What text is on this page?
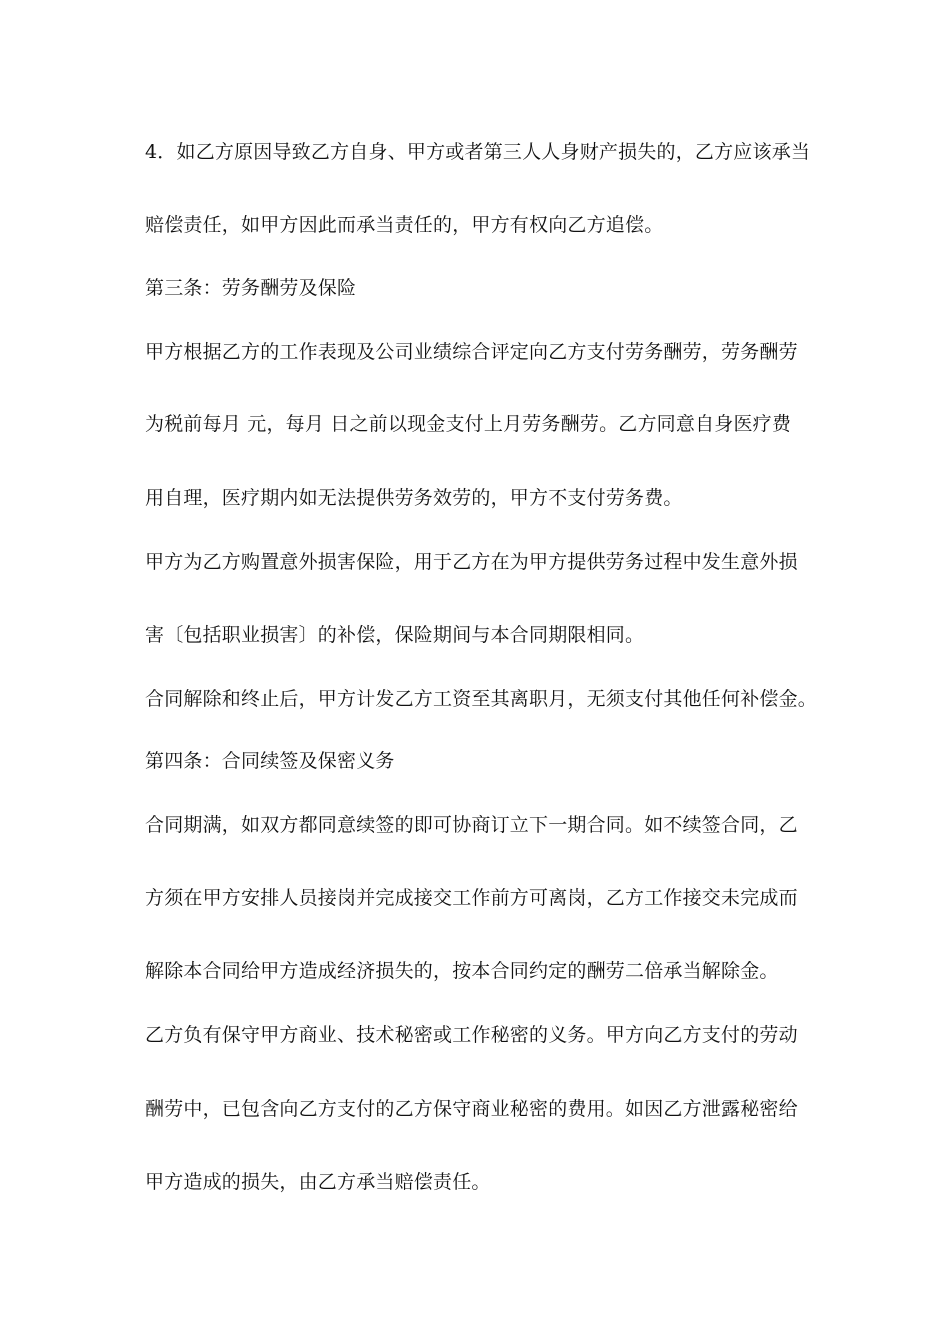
4．如乙方原因导致乙方自身、甲方或者第三人人身财产损失的，乙方应该承当
赔偿责任，如甲方因此而承当责任的，甲方有权向乙方追偿。
第三条：劳务酬劳及保险
甲方根据乙方的工作表现及公司业绩综合评定向乙方支付劳务酬劳，劳务酬劳
为税前每月 元，每月 日之前以现金支付上月劳务酬劳。乙方同意自身医疗费
用自理，医疗期内如无法提供劳务效劳的，甲方不支付劳务费。
甲方为乙方购置意外损害保险，用于乙方在为甲方提供劳务过程中发生意外损
害〔包括职业损害〕的补偿，保险期间与本合同期限相同。
合同解除和终止后，甲方计发乙方工资至其离职月，无须支付其他任何补偿金。
第四条：合同续签及保密义务
合同期满，如双方都同意续签的即可协商订立下一期合同。如不续签合同，乙
方须在甲方安排人员接岗并完成接交工作前方可离岗，乙方工作接交未完成而
解除本合同给甲方造成经济损失的，按本合同约定的酬劳二倍承当解除金。
乙方负有保守甲方商业、技术秘密或工作秘密的义务。甲方向乙方支付的劳动
酬劳中，已包含向乙方支付的乙方保守商业秘密的费用。如因乙方泄露秘密给
甲方造成的损失，由乙方承当赔偿责任。
